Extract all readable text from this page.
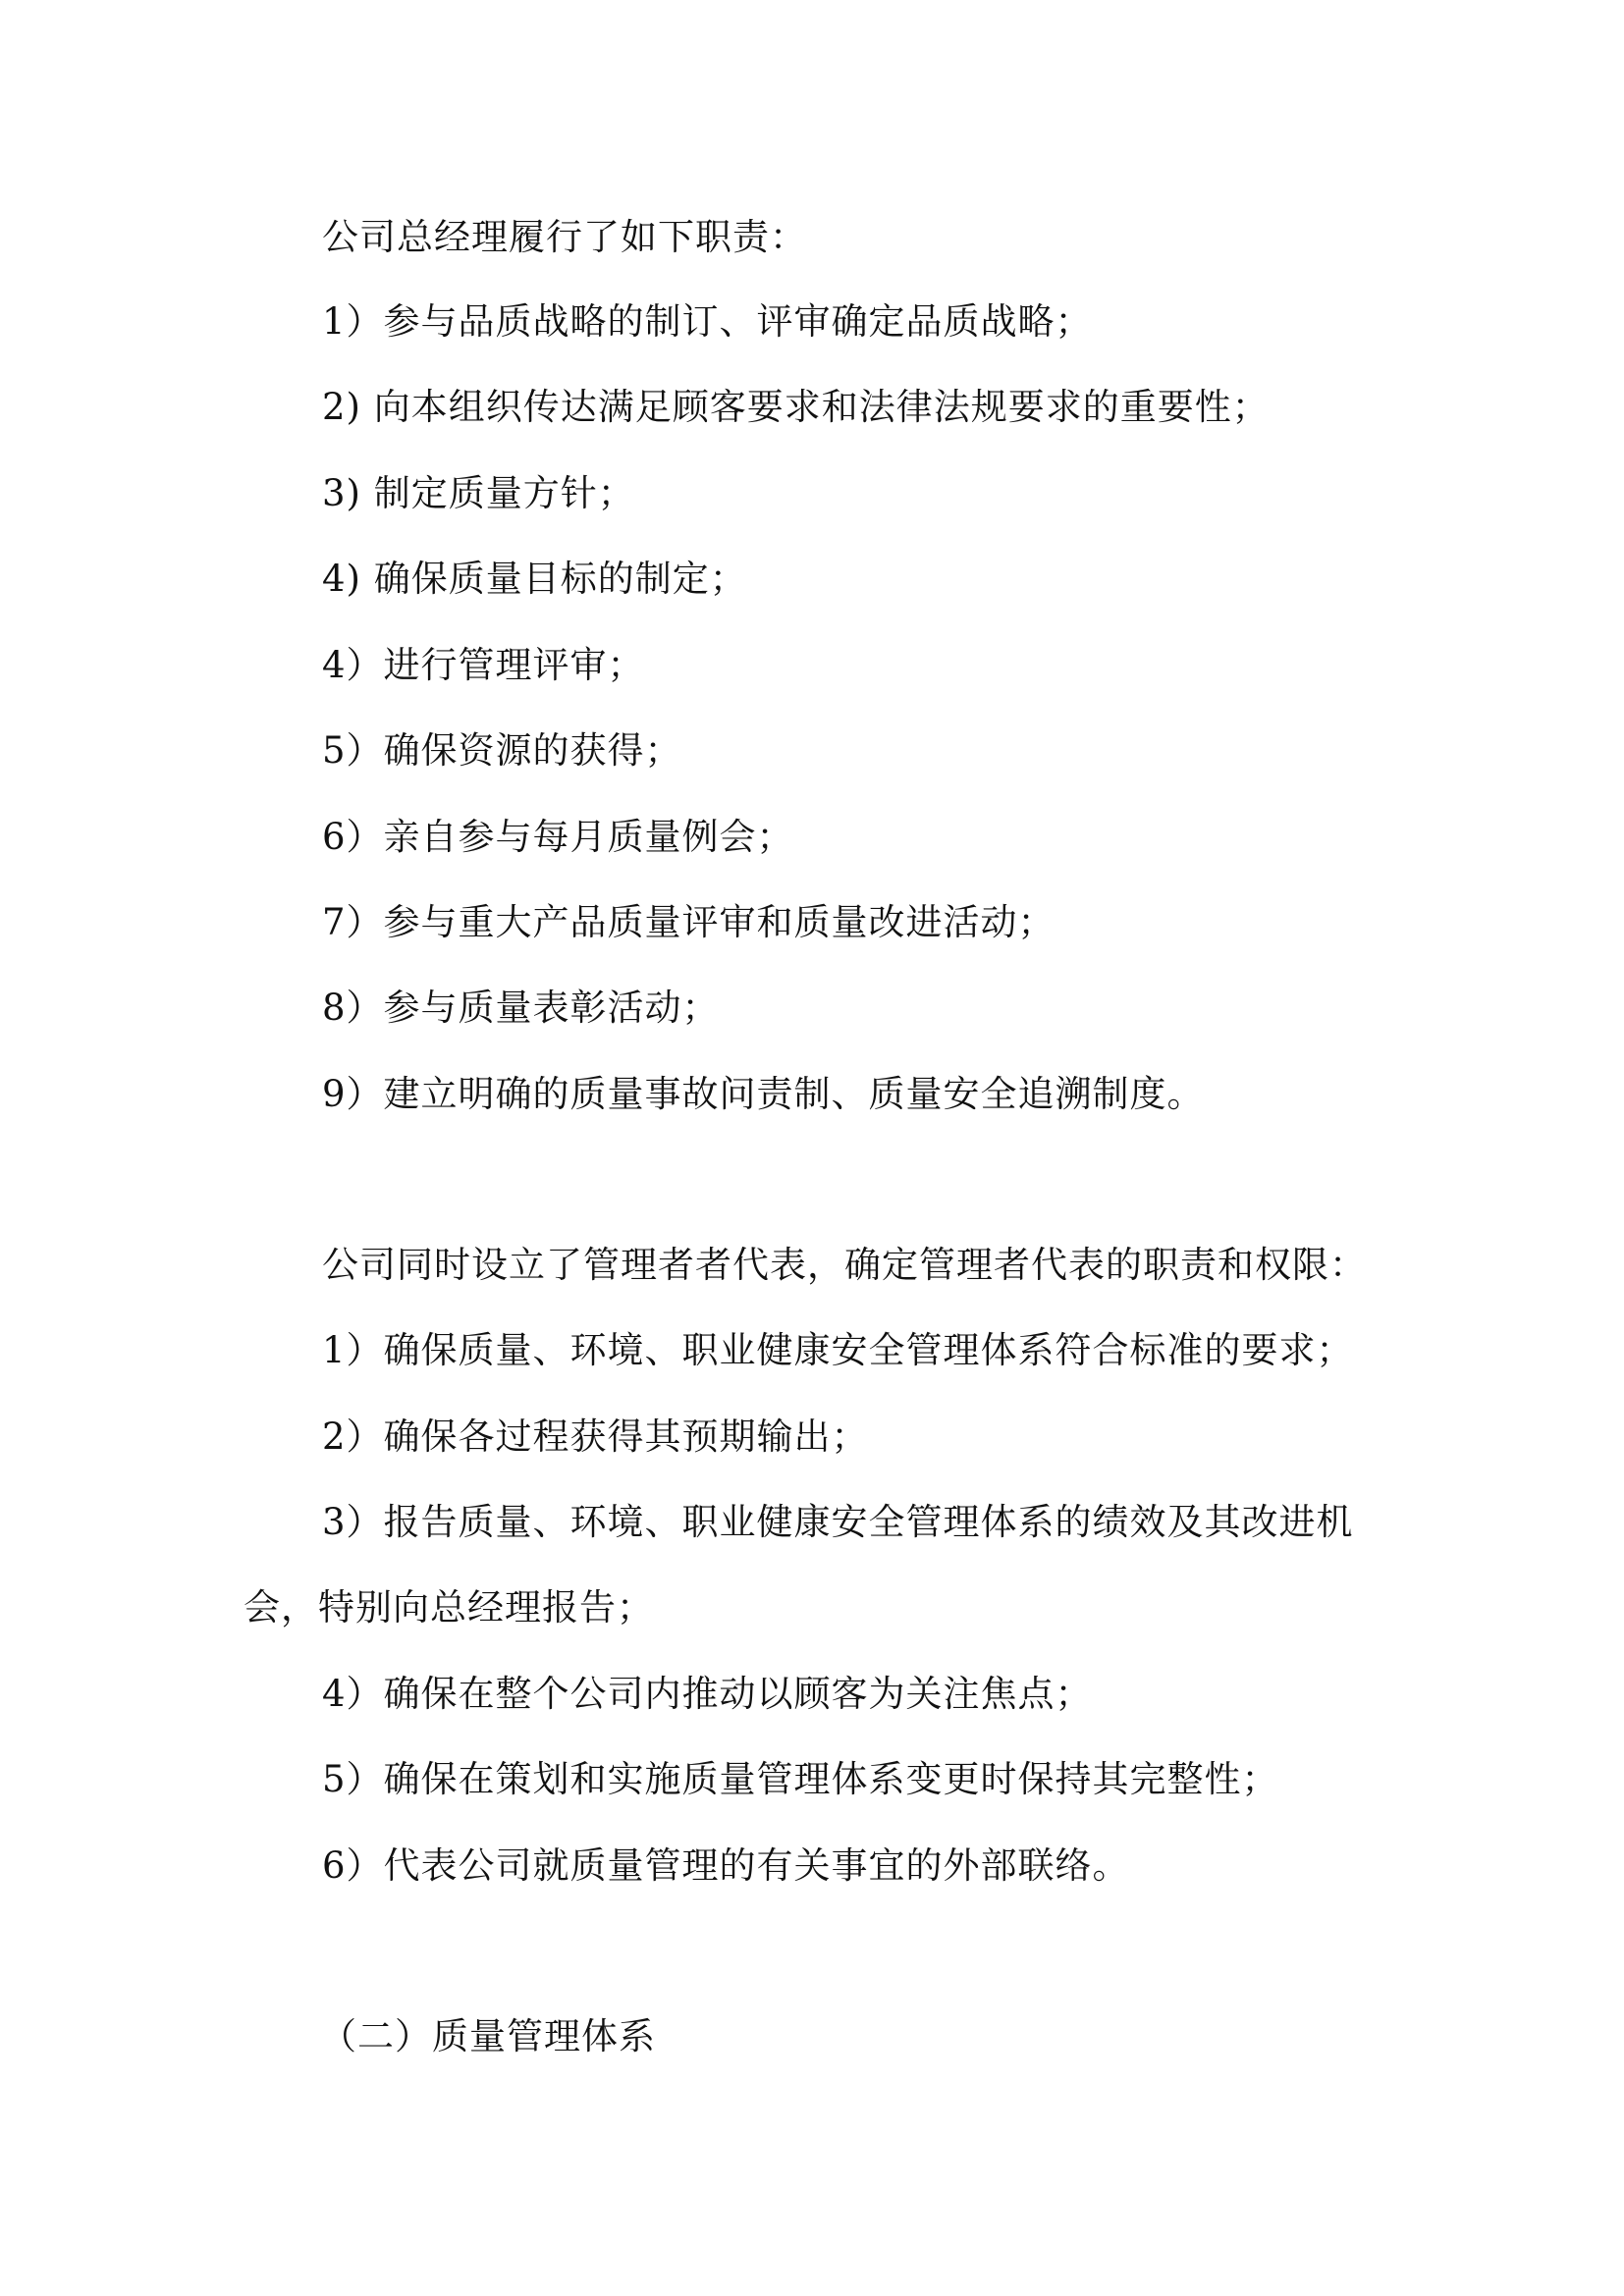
公司总经理履行了如下职责：
1）参与品质战略的制订、评审确定品质战略；
2) 向本组织传达满足顾客要求和法律法规要求的重要性；
3) 制定质量方针；
4) 确保质量目标的制定；
4）进行管理评审；
5）确保资源的获得；
6）亲自参与每月质量例会；
7）参与重大产品质量评审和质量改进活动；
8）参与质量表彰活动；
9）建立明确的质量事故问责制、质量安全追溯制度。
公司同时设立了管理者者代表，确定管理者代表的职责和权限：
1）确保质量、环境、职业健康安全管理体系符合标准的要求；
2）确保各过程获得其预期输出；
3）报告质量、环境、职业健康安全管理体系的绩效及其改进机
会，特别向总经理报告；
4）确保在整个公司内推动以顾客为关注焦点；
5）确保在策划和实施质量管理体系变更时保持其完整性；
6）代表公司就质量管理的有关事宜的外部联络。
（二）质量管理体系
